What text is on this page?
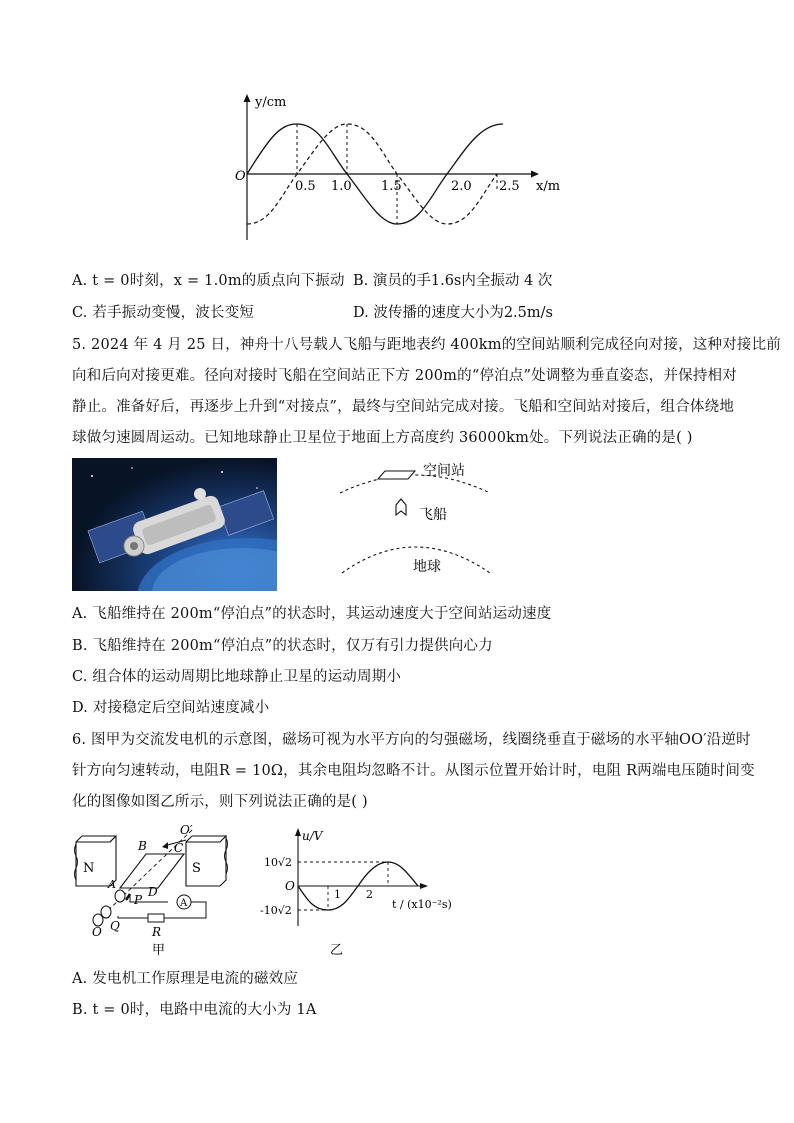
y/cm
O
x/m
0.5 1.0 1.5	2.0 2.5
A. t = 0时刻，x = 1.0m的质点向下振动 B. 演员的手1.6s内全振动 4 次
C. 若手振动变慢，波长变短	D. 波传播的速度大小为2.5m/s
5. 2024 年 4 月 25 日，神舟十八号载人飞船与距地表约 400km的空间站顺利完成径向对接，这种对接比前
向和后向对接更难。径向对接时飞船在空间站正下方 200m的“停泊点”处调整为垂直姿态，并保持相对
静止。准备好后，再逐步上升到“对接点”，最终与空间站完成对接。飞船和空间站对接后，组合体绕地
球做匀速圆周运动。已知地球静止卫星位于地面上方高度约 36000km处。下列说法正确的是( )
空间站
飞船
地球
A. 飞船维持在 200m“停泊点”的状态时，其运动速度大于空间站运动速度
B. 飞船维持在 200m“停泊点”的状态时，仅万有引力提供向心力
C. 组合体的运动周期比地球静止卫星的运动周期小
D. 对接稳定后空间站速度减小
6. 图甲为交流发电机的示意图，磁场可视为水平方向的匀强磁场，线圈绕垂直于磁场的水平轴OO′沿逆时
针方向匀速转动，电阻R = 10Ω，其余电阻均忽略不计。从图示位置开始计时，电阻 R两端电压随时间变
化的图像如图乙所示，则下列说法正确的是( )
N	S
B C
O′
A
D
P
Q
O
A
R
甲
u/V
O
10√2
-10√2
1 2
t / (x10⁻²s)
乙
A. 发电机工作原理是电流的磁效应
B. t = 0时，电路中电流的大小为 1A
